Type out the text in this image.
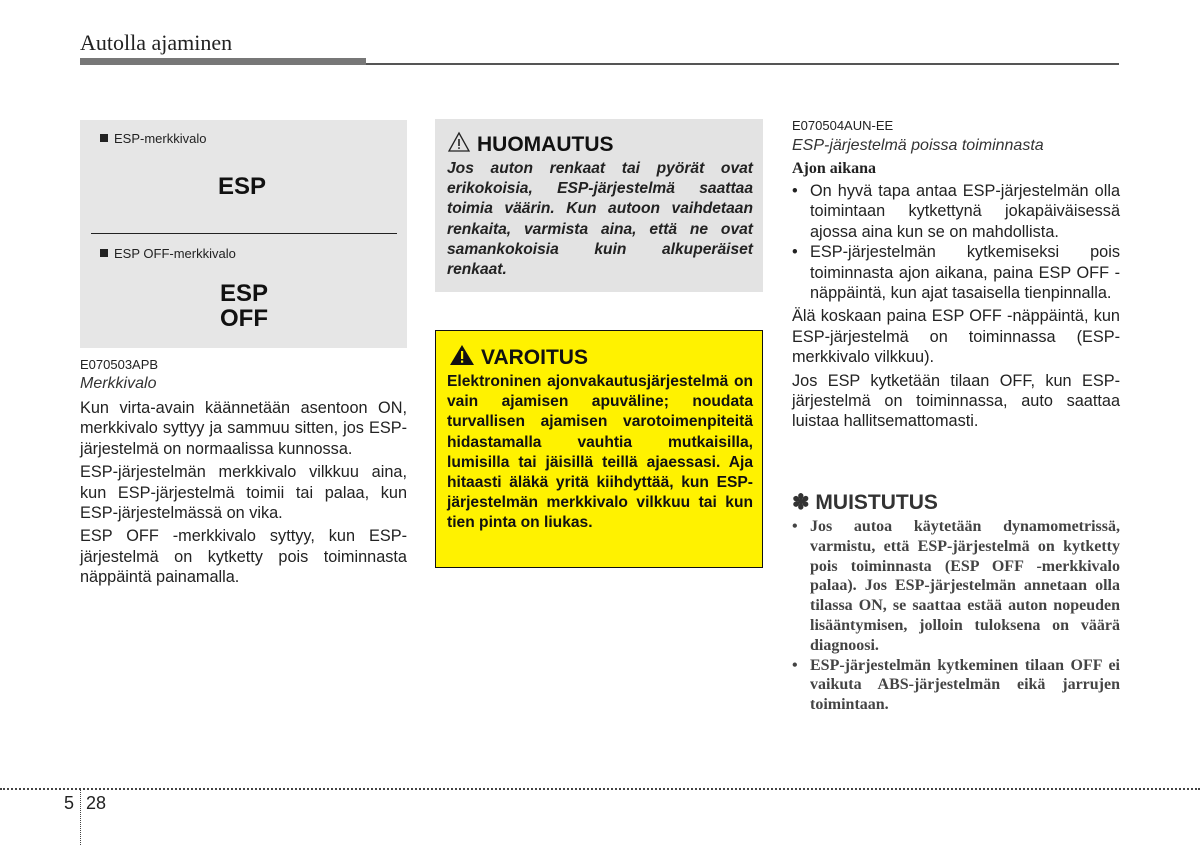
Autolla ajaminen
ESP-merkkivalo
ESP
ESP OFF-merkkivalo
ESP
OFF
E070503APB
Merkkivalo

Kun virta-avain käännetään asentoon ON, merkkivalo syttyy ja sammuu sitten, jos ESP-järjestelmä on normaalissa kunnossa.

ESP-järjestelmän merkkivalo vilkkuu aina, kun ESP-järjestelmä toimii tai palaa, kun ESP-järjestelmässä on vika.

ESP OFF -merkkivalo syttyy, kun ESP-järjestelmä on kytketty pois toiminnasta näppäintä painamalla.

HUOMAUTUS
Jos auton renkaat tai pyörät ovat erikokoisia, ESP-järjestelmä saattaa toimia väärin. Kun autoon vaihdetaan renkaita, varmista aina, että ne ovat samankokoisia kuin alkuperäiset renkaat.
VAROITUS
Elektroninen ajonvakautusjärjestelmä on vain ajamisen apuväline; noudata turvallisen ajamisen varotoimenpiteitä hidastamalla vauhtia mutkaisilla, lumisilla tai jäisillä teillä ajaessasi. Aja hitaasti äläkä yritä kiihdyttää, kun ESP-järjestelmän merkkivalo vilkkuu tai kun tien pinta on liukas.
E070504AUN-EE
ESP-järjestelmä poissa toiminnasta
Ajon aikana
• On hyvä tapa antaa ESP-järjestelmän olla toimintaan kytkettynä jokapäiväisessä ajossa aina kun se on mahdollista.
• ESP-järjestelmän kytkemiseksi pois toiminnasta ajon aikana, paina ESP OFF -näppäintä, kun ajat tasaisella tienpinnalla.

Älä koskaan paina ESP OFF -näppäintä, kun ESP-järjestelmä on toiminnassa (ESP-merkkivalo vilkkuu).

Jos ESP kytketään tilaan OFF, kun ESP-järjestelmä on toiminnassa, auto saattaa luistaa hallitsemattomasti.

✽ MUISTUTUS
• Jos autoa käytetään dynamometrissä, varmistu, että ESP-järjestelmä on kytketty pois toiminnasta (ESP OFF -merkkivalo palaa). Jos ESP-järjestelmän annetaan olla tilassa ON, se saattaa estää auton nopeuden lisääntymisen, jolloin tuloksena on väärä diagnoosi.
• ESP-järjestelmän kytkeminen tilaan OFF ei vaikuta ABS-järjestelmän eikä jarrujen toimintaan.
5 28
